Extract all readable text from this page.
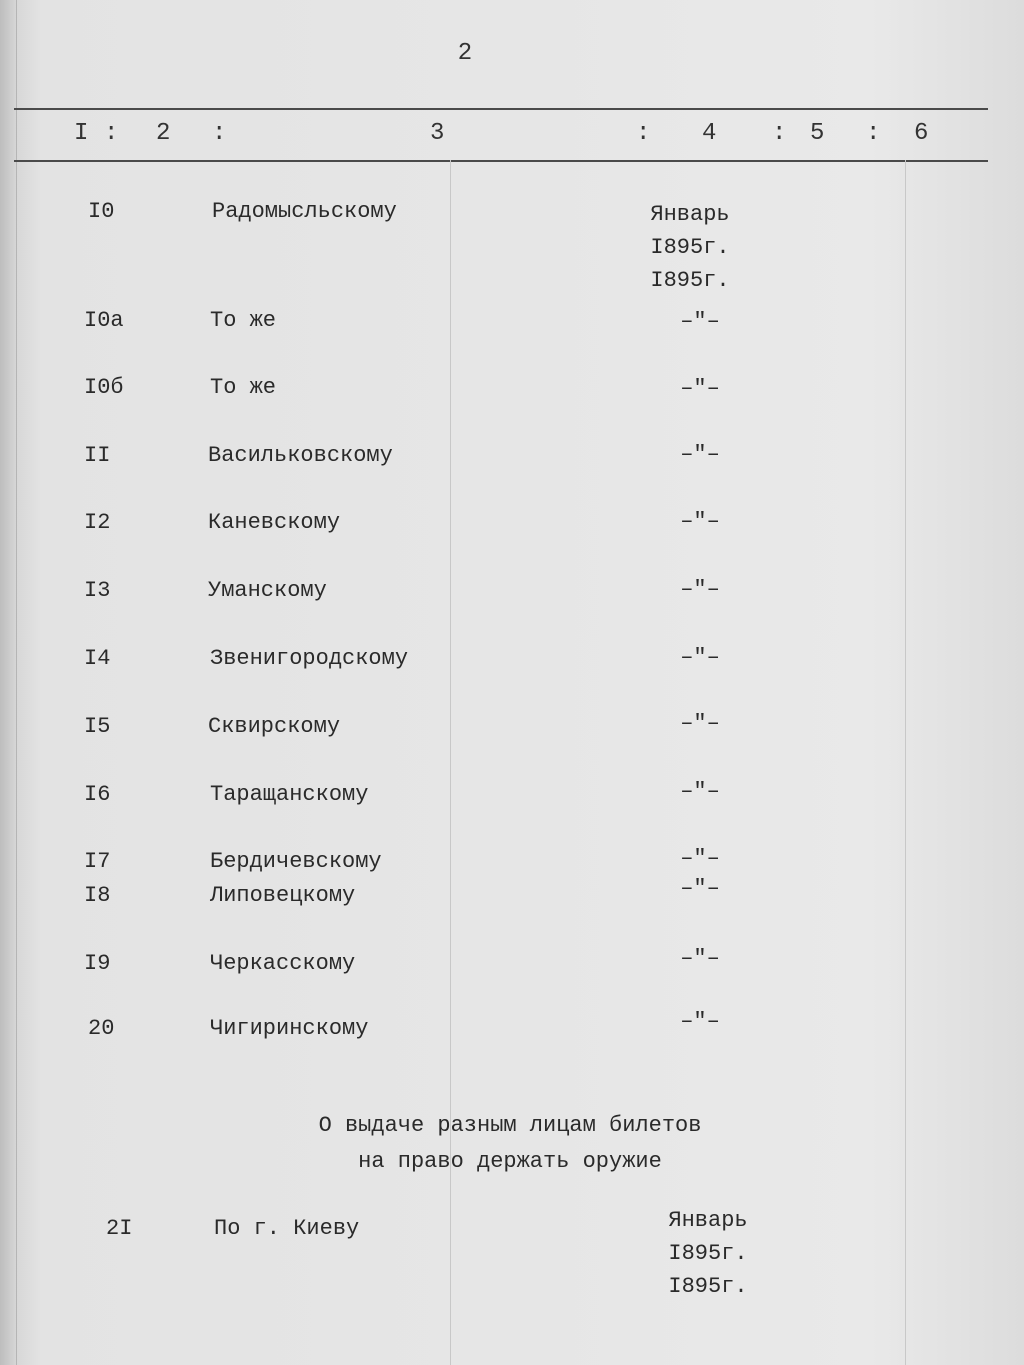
2
I : 2 :	3	: 4 : 5 : 6
I0	Радомысльскому	Январь
I895г.
I895г.
I0а	То же	–"–
I0б	То же	–"–
II	Васильковскому	–"–
I2	Каневскому	–"–
I3	Уманскому	–"–
I4	Звенигородскому	–"–
I5	Сквирскому	–"–
I6	Таращанскому	–"–
I7	Бердичевскому	–"–
I8	Липовецкому	–"–
I9	Черкасскому	–"–
20	Чигиринскому	–"–
О выдаче разным лицам билетов
на право держать оружие
2I	По г. Киеву	Январь
I895г.
I895г.
